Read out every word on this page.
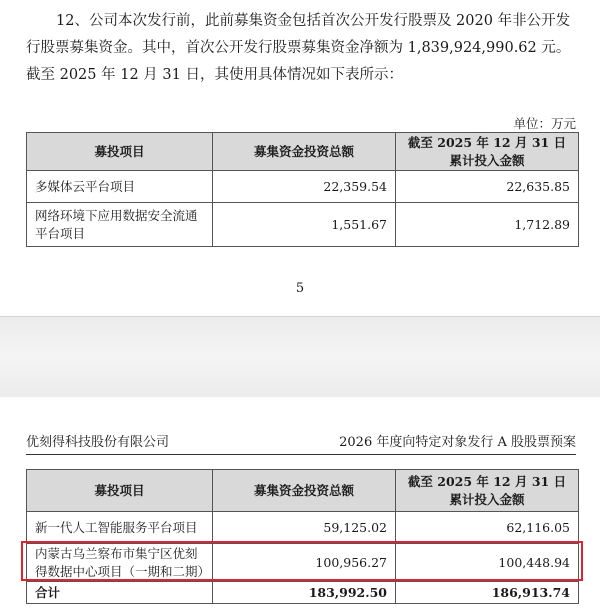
12、公司本次发行前，此前募集资金包括首次公开发行股票及 2020 年非公开发行股票募集资金。其中，首次公开发行股票募集资金净额为 1,839,924,990.62 元。截至 2025 年 12 月 31 日，其使用具体情况如下表所示：
单位：万元
募投项目	募集资金投资总额	截至 2025 年 12 月 31 日
累计投入金额

多媒体云平台项目	22,359.54	22,635.85
网络环境下应用数据安全流通平台项目	1,551.67	1,712.89
5
优刻得科技股份有限公司	2026 年度向特定对象发行 A 股股票预案
募投项目	募集资金投资总额	截至 2025 年 12 月 31 日
累计投入金额

新一代人工智能服务平台项目	59,125.02	62,116.05
内蒙古乌兰察布市集宁区优刻得数据中心项目（一期和二期）	100,956.27	100,448.94
合计	183,992.50	186,913.74
